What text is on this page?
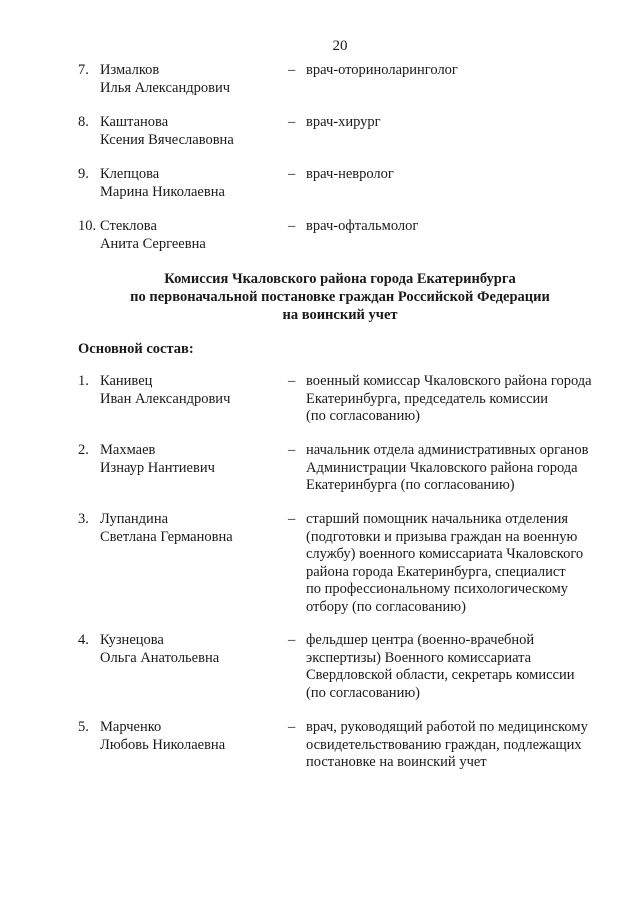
20
7. Измалков
Илья Александрович
– врач-оториноларинголог
8. Каштанова
Ксения Вячеславовна
– врач-хирург
9. Клепцова
Марина Николаевна
– врач-невролог
10. Стеклова
Анита Сергеевна
– врач-офтальмолог
Комиссия Чкаловского района города Екатеринбурга
по первоначальной постановке граждан Российской Федерации
на воинский учет
Основной состав:
1. Канивец
Иван Александрович
– военный комиссар Чкаловского района города
Екатеринбурга, председатель комиссии
(по согласованию)
2. Махмаев
Изнаур Нантиевич
– начальник отдела административных органов
Администрации Чкаловского района города
Екатеринбурга (по согласованию)
3. Лупандина
Светлана Германовна
– старший помощник начальника отделения
(подготовки и призыва граждан на военную
службу) военного комиссариата Чкаловского
района города Екатеринбурга, специалист
по профессиональному психологическому
отбору (по согласованию)
4. Кузнецова
Ольга Анатольевна
– фельдшер центра (военно-врачебной
экспертизы) Военного комиссариата
Свердловской области, секретарь комиссии
(по согласованию)
5. Марченко
Любовь Николаевна
– врач, руководящий работой по медицинскому
освидетельствованию граждан, подлежащих
постановке на воинский учет
